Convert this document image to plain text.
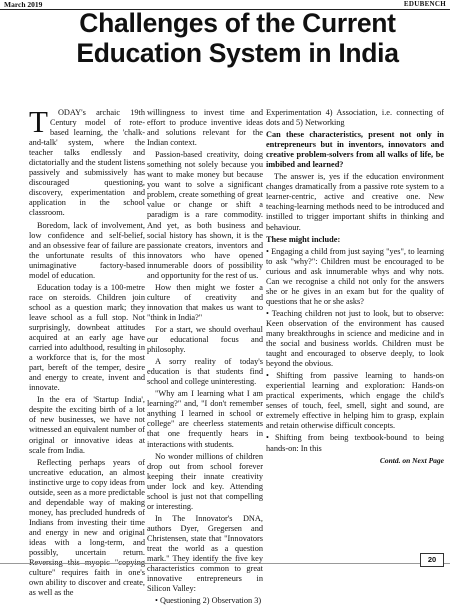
March 2019	EDUBENCH
Challenges of the Current
Education System in India

T ODAY's archaic 19th Century model of rote-based learning, the 'chalk-and-talk' system, where the teacher talks endlessly and dictatorially and the student listens passively and submissively has discouraged questioning, discovery, experimentation and application in the school classroom.

Boredom, lack of involvement, low confidence and self-belief, and an obsessive fear of failure are the unfortunate results of this unimaginative factory-based model of education.

Education today is a 100-metre race on steroids. Children join school as a question mark; they leave school as a full stop. Not surprisingly, downbeat attitudes acquired at an early age have carried into adulthood, resulting in a workforce that is, for the most part, bereft of the temper, desire and energy to create, invent and innovate.

In the era of 'Startup India', despite the exciting birth of a lot of new businesses, we have not witnessed an equivalent number of original or innovative ideas at scale from India.

Reflecting perhaps years of uncreative education, an almost instinctive urge to copy ideas from outside, seen as a more predictable and dependable way of making money, has precluded hundreds of Indians from investing their time and energy in new and original ideas with a long-term, and possibly, uncertain return. culture" requires faith in one's own ability to discover and create, as well as the

willingness to invest time and effort to produce inventive ideas and solutions relevant for the Indian context.

Passion-based creativity, doing something not solely because you want to make money but because you want to solve a significant problem, create something of great value or change or shift a paradigm is a rare commodity. And yet, as both business and social history has shown, it is the passionate creators, inventors and innovators who have opened innumerable doors of possibility and opportunity for the rest of us.

How then might we foster a culture of creativity and innovation that makes us want to "think in India?"

For a start, we should overhaul our educational focus and philosophy.

A sorry reality of today's education is that students find school and college uninteresting.

"Why am I learning what I am learning?" and, "I don't remember anything I learned in school or college" are cheerless statements that one frequently hears in interactions with students.

No wonder millions of children drop out from school forever keeping their innate creativity under lock and key. Attending school is just not that compelling or interesting.

In The Innovator's DNA, authors Dyer, Gregersen and Christensen, state that "Innovators treat the world as a question mark." They identify the five key characteristics common to great innovative entrepreneurs in Silicon Valley:

• Questioning 2) Observation 3)

Experimentation 4) Association, i.e. connecting of dots and 5) Networking

Can these characteristics, present not only in entrepreneurs but in inventors, innovators and creative problem-solvers from all walks of life, be imbibed and learned?

The answer is, yes if the education environment changes dramatically from a passive rote system to a learner-centric, active and creative one. New teaching-learning methods need to be introduced and instilled to trigger important shifts in thinking and behaviour.

These might include:

• Engaging a child from just saying "yes", to learning to ask "why?": Children must be encouraged to be curious and ask innumerable whys and why nots. Can we recognise a child not only for the answers she or he gives in an exam but for the quality of questions that he or she asks?

• Teaching children not just to look, but to observe: Keen observation of the environment has caused many breakthroughs in science and medicine and in the social and business worlds. Children must be taught and encouraged to observe deeply, to look beyond the obvious.

• Shifting from passive learning to hands-on experiential learning and exploration: Hands-on practical experiments, which engage the child's senses of touch, feel, smell, sight and sound, are extremely effective in helping him to grasp, explain and retain otherwise difficult concepts.

• Shifting from being textbook-bound to being hands-on: In this

Contd. on Next Page

20
